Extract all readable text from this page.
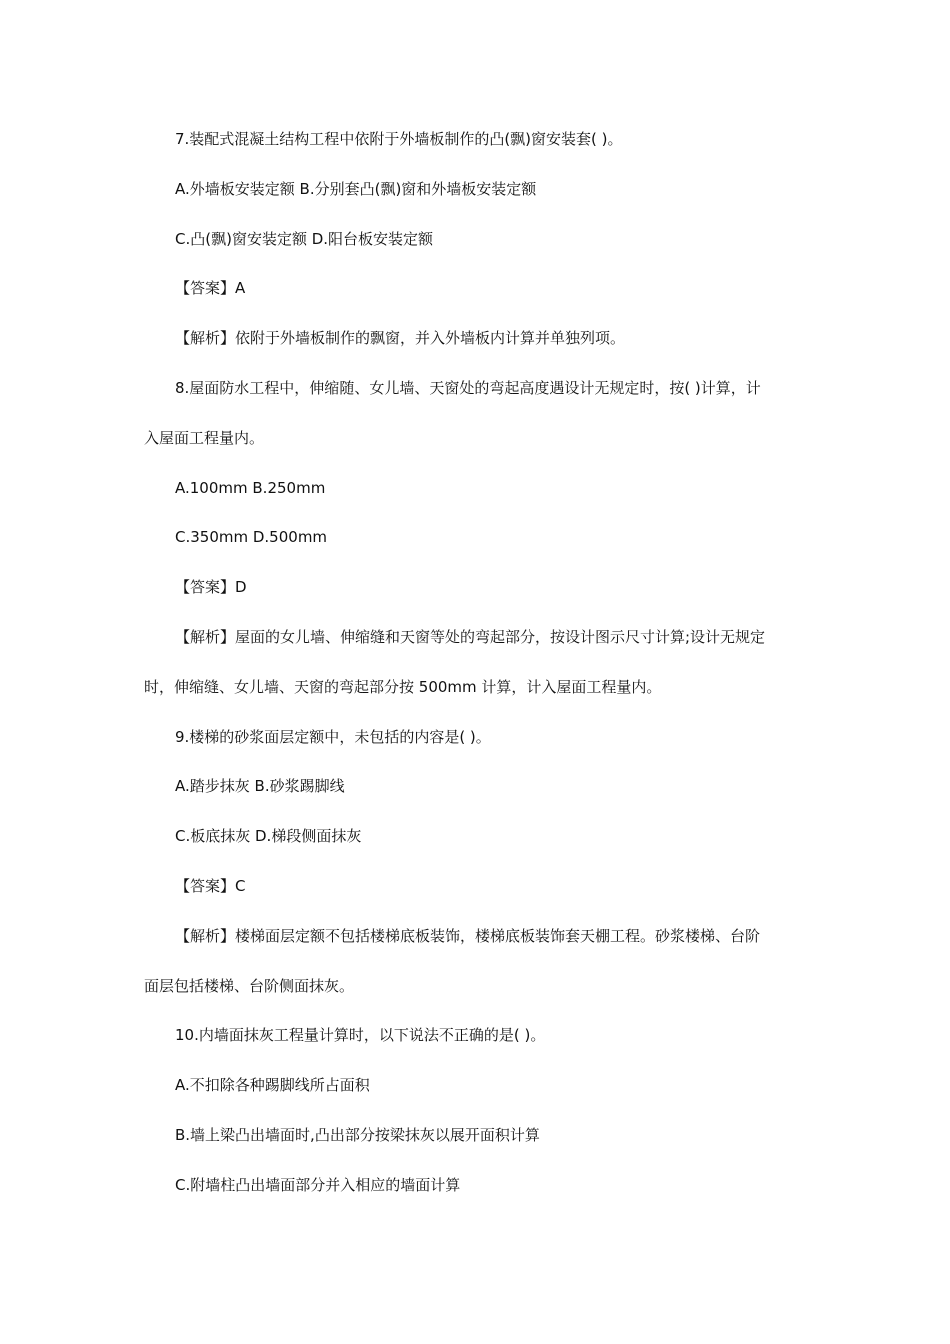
7.装配式混凝土结构工程中依附于外墙板制作的凸(飘)窗安装套( )。
A.外墙板安装定额 B.分别套凸(飘)窗和外墙板安装定额
C.凸(飘)窗安装定额 D.阳台板安装定额
【答案】A
【解析】依附于外墙板制作的飘窗，并入外墙板内计算并单独列项。
8.屋面防水工程中，伸缩随、女儿墙、天窗处的弯起高度遇设计无规定时，按( )计算，计
入屋面工程量内。
A.100mm B.250mm
C.350mm D.500mm
【答案】D
【解析】屋面的女儿墙、伸缩缝和天窗等处的弯起部分，按设计图示尺寸计算;设计无规定
时，伸缩缝、女儿墙、天窗的弯起部分按 500mm 计算，计入屋面工程量内。
9.楼梯的砂浆面层定额中，未包括的内容是( )。
A.踏步抹灰 B.砂浆踢脚线
C.板底抹灰 D.梯段侧面抹灰
【答案】C
【解析】楼梯面层定额不包括楼梯底板装饰，楼梯底板装饰套天棚工程。砂浆楼梯、台阶
面层包括楼梯、台阶侧面抹灰。
10.内墙面抹灰工程量计算时，以下说法不正确的是( )。
A.不扣除各种踢脚线所占面积
B.墙上梁凸出墙面时,凸出部分按梁抹灰以展开面积计算
C.附墙柱凸出墙面部分并入相应的墙面计算
